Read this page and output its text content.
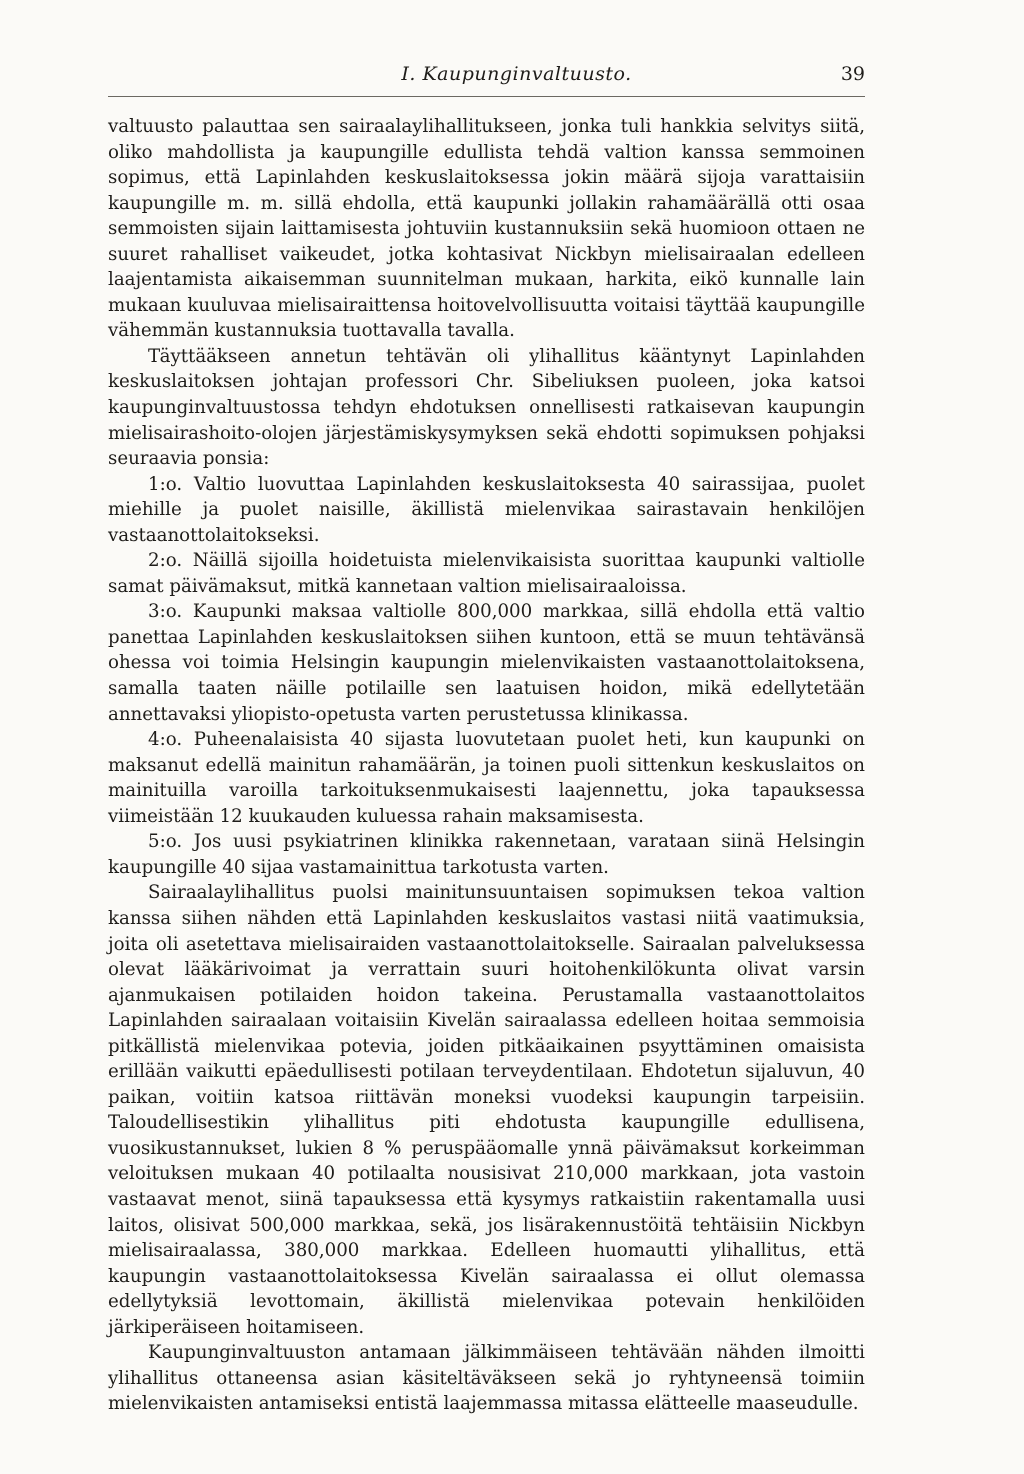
I. Kaupunginvaltuusto.	39

valtuusto palauttaa sen sairaalaylihallitukseen, jonka tuli hankkia selvitys siitä, oliko mahdollista ja kaupungille edullista tehdä valtion kanssa semmoinen sopimus, että Lapinlahden keskuslaitoksessa jokin määrä sijoja varattaisiin kaupungille m. m. sillä ehdolla, että kaupunki jollakin rahamäärällä otti osaa semmoisten sijain laittamisesta johtuviin kustannuksiin sekä huomioon ottaen ne suuret rahalliset vaikeudet, jotka kohtasivat Nickbyn mielisairaalan edelleen laajentamista aikaisemman suunnitelman mukaan, harkita, eikö kunnalle lain mukaan kuuluvaa mielisairaittensa hoitovelvollisuutta voitaisi täyttää kaupungille vähemmän kustannuksia tuottavalla tavalla.

Täyttääkseen annetun tehtävän oli ylihallitus kääntynyt Lapinlahden keskuslaitoksen johtajan professori Chr. Sibeliuksen puoleen, joka katsoi kaupunginvaltuustossa tehdyn ehdotuksen onnellisesti ratkaisevan kaupungin mielisairashoito-olojen järjestämiskysymyksen sekä ehdotti sopimuksen pohjaksi seuraavia ponsia:

1:o. Valtio luovuttaa Lapinlahden keskuslaitoksesta 40 sairassijaa, puolet miehille ja puolet naisille, äkillistä mielenvikaa sairastavain henkilöjen vastaanottolaitokseksi.

2:o. Näillä sijoilla hoidetuista mielenvikaisista suorittaa kaupunki valtiolle samat päivämaksut, mitkä kannetaan valtion mielisairaaloissa.

3:o. Kaupunki maksaa valtiolle 800,000 markkaa, sillä ehdolla että valtio panettaa Lapinlahden keskuslaitoksen siihen kuntoon, että se muun tehtävänsä ohessa voi toimia Helsingin kaupungin mielenvikaisten vastaanottolaitoksena, samalla taaten näille potilaille sen laatuisen hoidon, mikä edellytetään annettavaksi yliopisto-opetusta varten perustetussa klinikassa.

4:o. Puheenalaisista 40 sijasta luovutetaan puolet heti, kun kaupunki on maksanut edellä mainitun rahamäärän, ja toinen puoli sittenkun keskuslaitos on mainituilla varoilla tarkoituksenmukaisesti laajennettu, joka tapauksessa viimeistään 12 kuukauden kuluessa rahain maksamisesta.

5:o. Jos uusi psykiatrinen klinikka rakennetaan, varataan siinä Helsingin kaupungille 40 sijaa vastamainittua tarkotusta varten.

Sairaalaylihallitus puolsi mainitunsuuntaisen sopimuksen tekoa valtion kanssa siihen nähden että Lapinlahden keskuslaitos vastasi niitä vaatimuksia, joita oli asetettava mielisairaiden vastaanottolaitokselle. Sairaalan palveluksessa olevat lääkärivoimat ja verrattain suuri hoitohenkilökunta olivat varsin ajanmukaisen potilaiden hoidon takeina. Perustamalla vastaanottolaitos Lapinlahden sairaalaan voitaisiin Kivelän sairaalassa edelleen hoitaa semmoisia pitkällistä mielenvikaa potevia, joiden pitkäaikainen psyyttäminen omaisista erillään vaikutti epäedullisesti potilaan terveydentilaan. Ehdotetun sijaluvun, 40 paikan, voitiin katsoa riittävän moneksi vuodeksi kaupungin tarpeisiin. Taloudellisestikin ylihallitus piti ehdotusta kaupungille edullisena, vuosikustannukset, lukien 8 % peruspääomalle ynnä päivämaksut korkeimman veloituksen mukaan 40 potilaalta nousisivat 210,000 markkaan, jota vastoin vastaavat menot, siinä tapauksessa että kysymys ratkaistiin rakentamalla uusi laitos, olisivat 500,000 markkaa, sekä, jos lisärakennustöitä tehtäisiin Nickbyn mielisairaalassa, 380,000 markkaa. Edelleen huomautti ylihallitus, että kaupungin vastaanottolaitoksessa Kivelän sairaalassa ei ollut olemassa edellytyksiä levottomain, äkillistä mielenvikaa potevain henkilöiden järkiperäiseen hoitamiseen.

Kaupunginvaltuuston antamaan jälkimmäiseen tehtävään nähden ilmoitti ylihallitus ottaneensa asian käsiteltäväkseen sekä jo ryhtyneensä toimiin mielenvikaisten antamiseksi entistä laajemmassa mitassa elätteelle maaseudulle.
